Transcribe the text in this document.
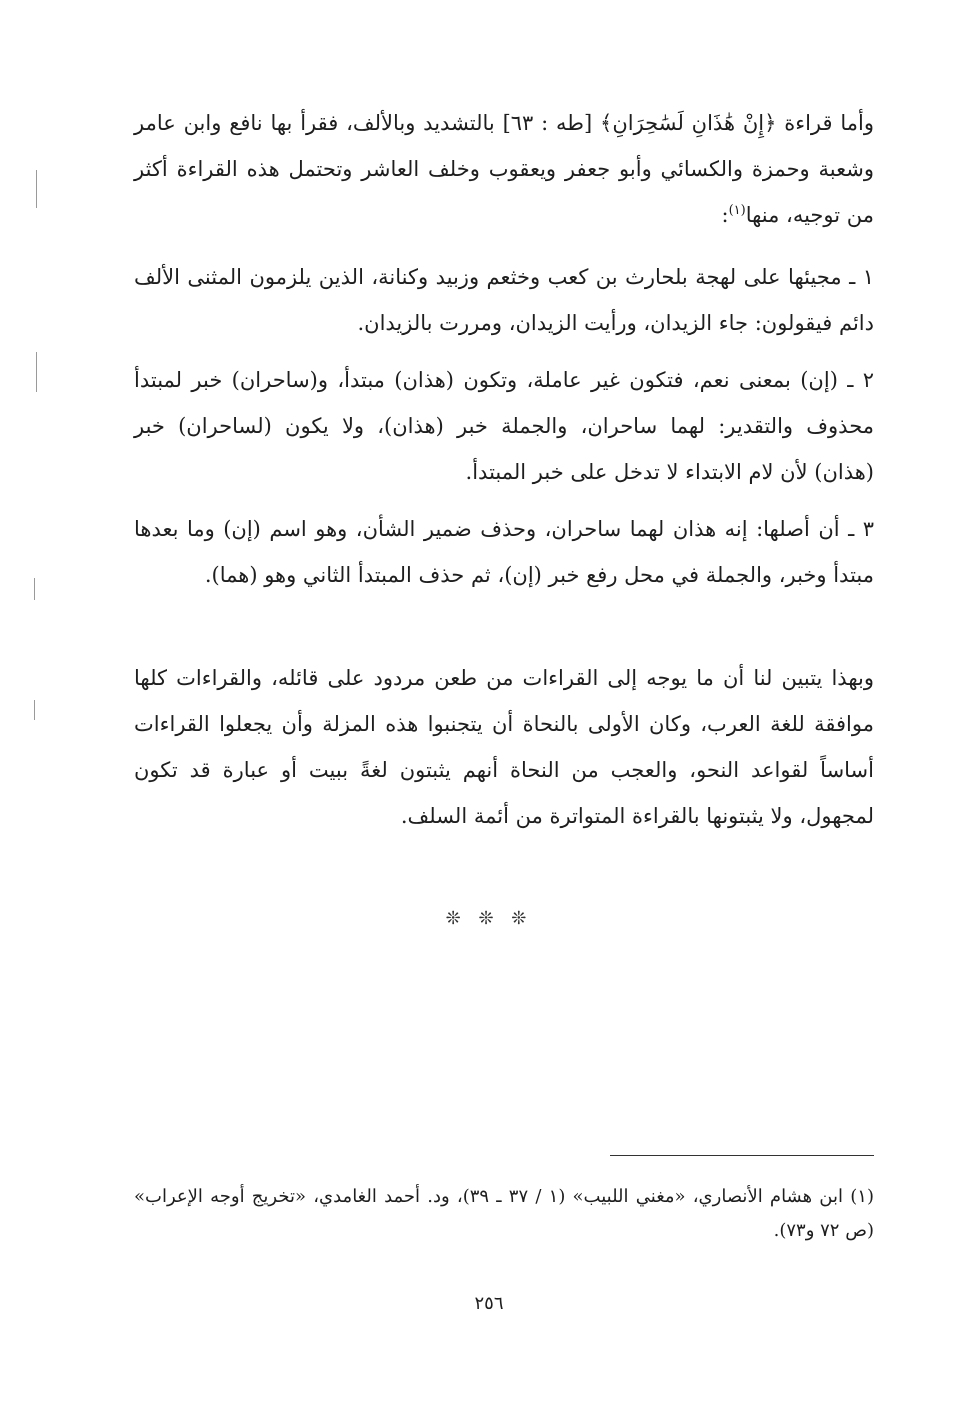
وأما قراءة ﴿إِنْ هَٰذَانِ لَسَٰحِرَانِ﴾ [طه : ٦٣] بالتشديد وبالألف، فقرأ بها نافع وابن عامر وشعبة وحمزة والكسائي وأبو جعفر ويعقوب وخلف العاشر وتحتمل هذه القراءة أكثر من توجيه، منها$^{(١)}$:

١ ـ مجيئها على لهجة بلحارث بن كعب وخثعم وزبيد وكنانة، الذين يلزمون المثنى الألف دائم فيقولون: جاء الزيدان، ورأيت الزيدان، ومررت بالزيدان.

٢ ـ (إن) بمعنى نعم، فتكون غير عاملة، وتكون (هذان) مبتدأ، و(ساحران) خبر لمبتدأ محذوف والتقدير: لهما ساحران، والجملة خبر (هذان)، ولا يكون (لساحران) خبر (هذان) لأن لام الابتداء لا تدخل على خبر المبتدأ.

٣ ـ أن أصلها: إنه هذان لهما ساحران، وحذف ضمير الشأن، وهو اسم (إن) وما بعدها مبتدأ وخبر، والجملة في محل رفع خبر (إن)، ثم حذف المبتدأ الثاني وهو (هما).

وبهذا يتبين لنا أن ما يوجه إلى القراءات من طعن مردود على قائله، والقراءات كلها موافقة للغة العرب، وكان الأولى بالنحاة أن يتجنبوا هذه المزلة وأن يجعلوا القراءات أساساً لقواعد النحو، والعجب من النحاة أنهم يثبتون لغةً ببيت أو عبارة قد تكون لمجهول، ولا يثبتونها بالقراءة المتواترة من أئمة السلف.

❊ ❊ ❊

(١) ابن هشام الأنصاري، «مغني اللبيب» (١ / ٣٧ ـ ٣٩)، ود. أحمد الغامدي، «تخريج أوجه الإعراب» (ص ٧٢ و٧٣).

٢٥٦
